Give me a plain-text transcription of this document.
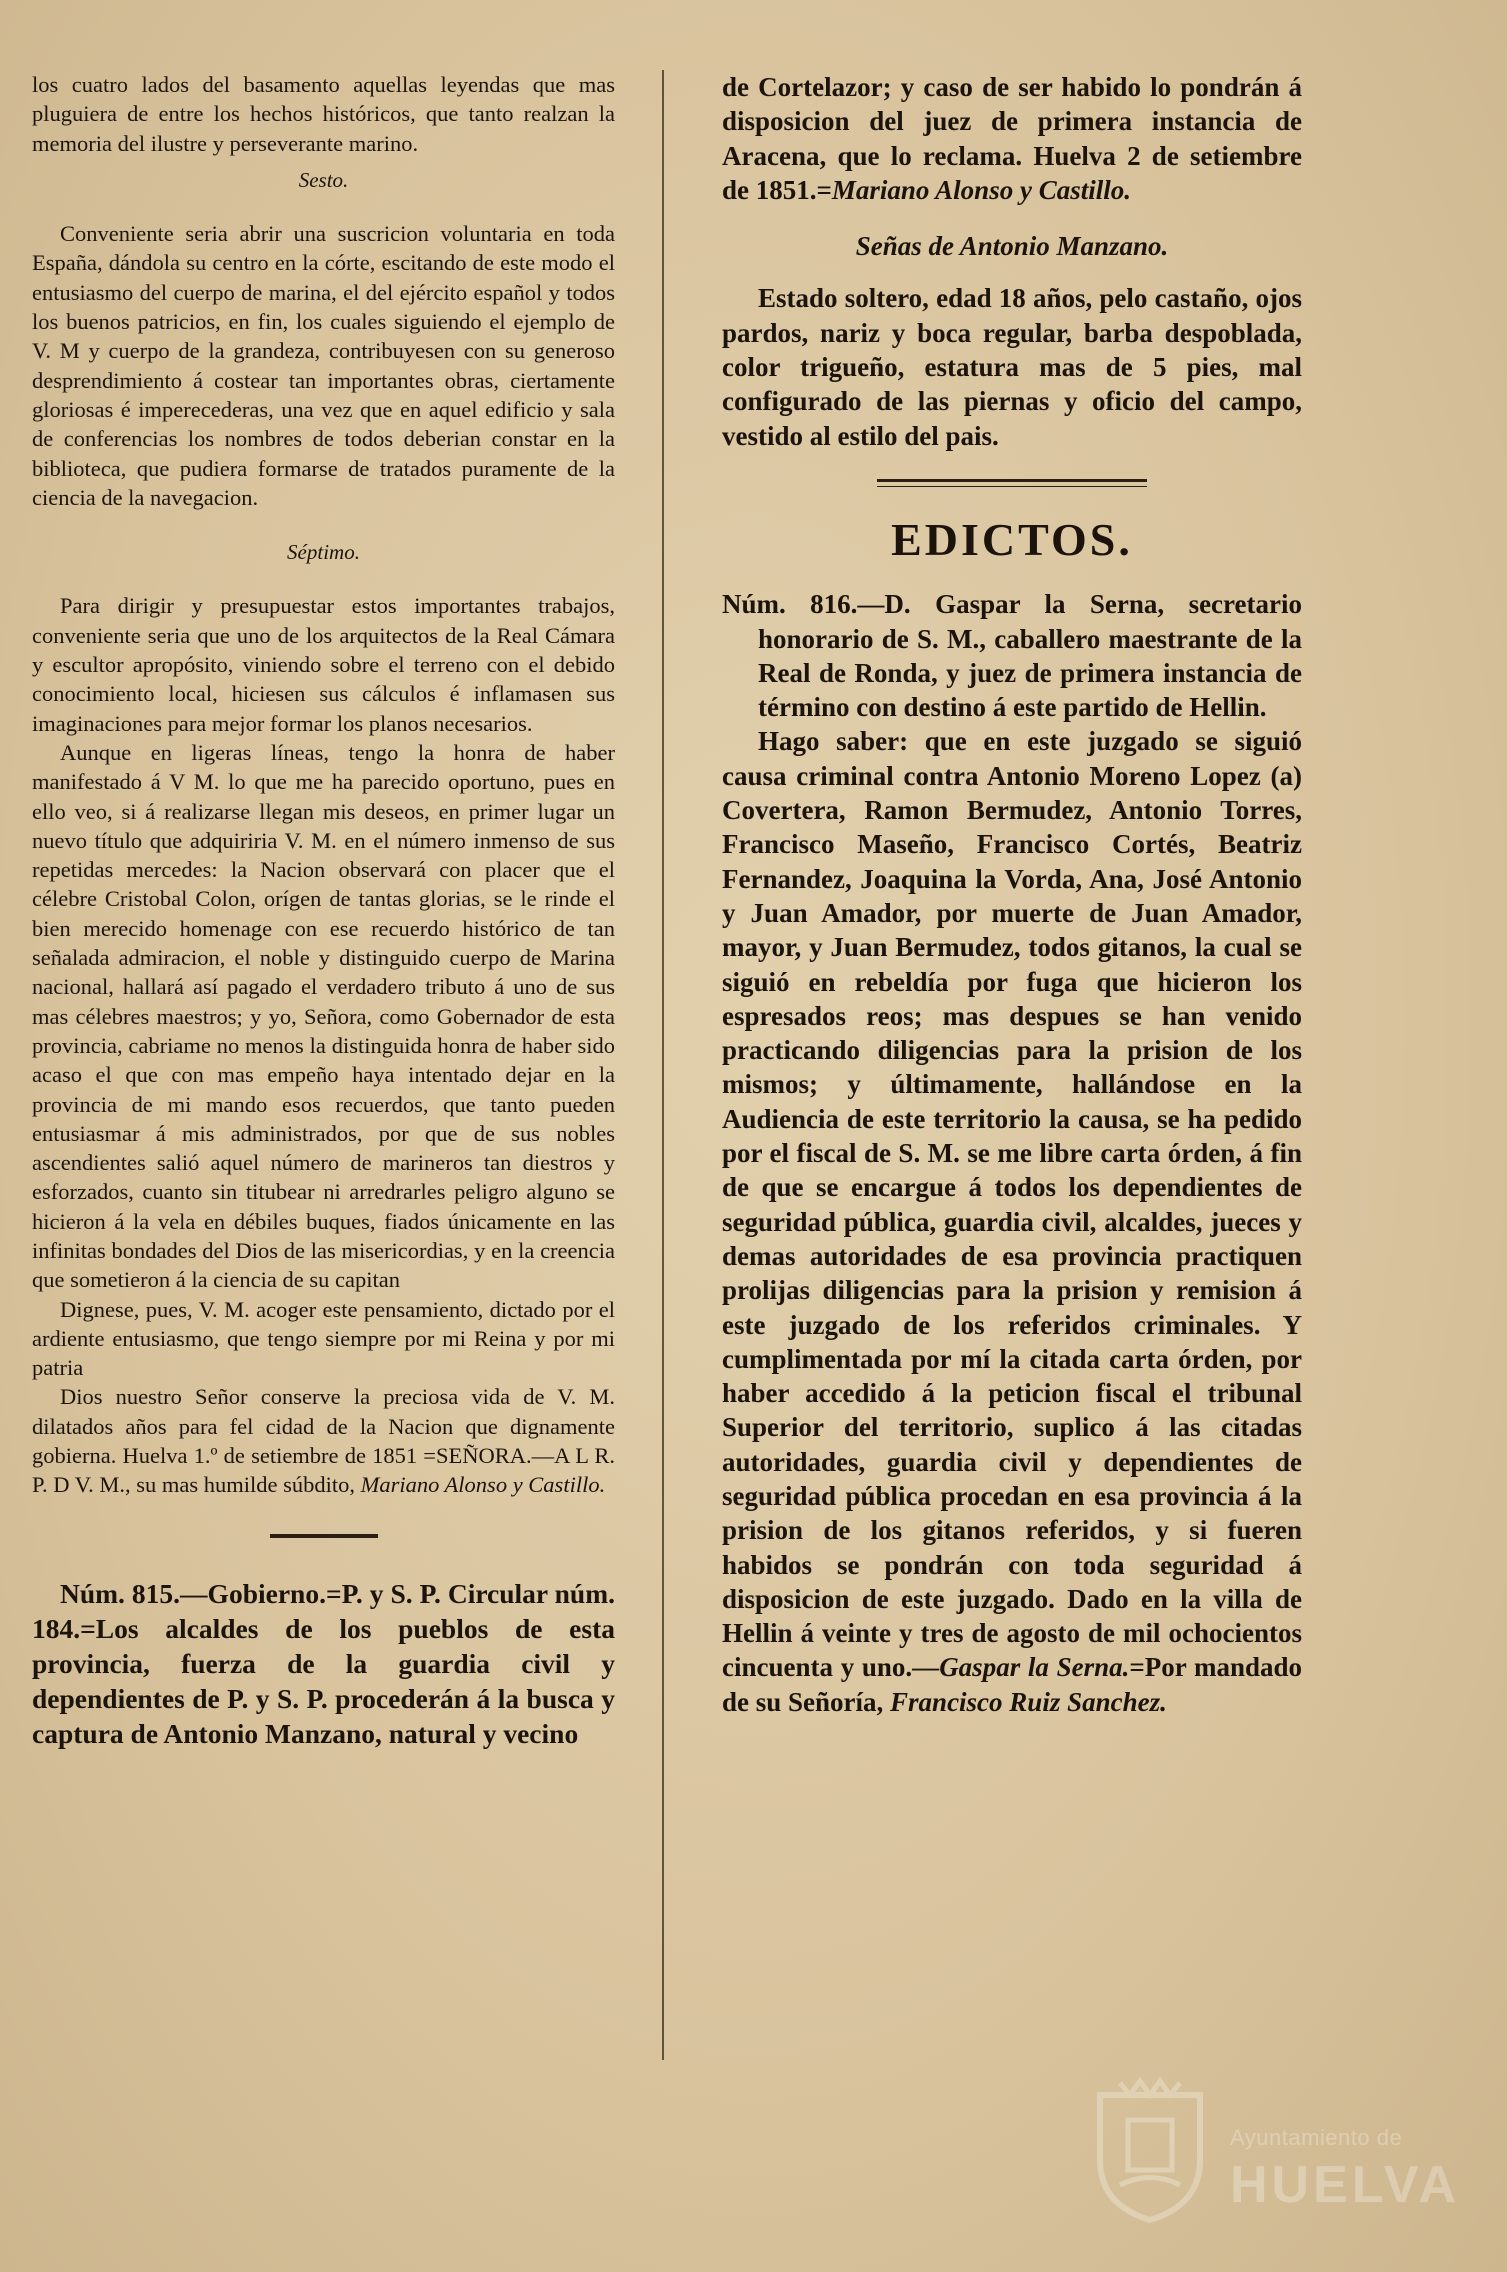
los cuatro lados del basamento aquellas leyendas que mas pluguiera de entre los hechos históricos, que tanto realzan la memoria del ilustre y perseverante marino.

Sesto.

Conveniente seria abrir una suscricion voluntaria en toda España, dándola su centro en la córte, escitando de este modo el entusiasmo del cuerpo de marina, el del ejército español y todos los buenos patricios, en fin, los cuales siguiendo el ejemplo de V. M y cuerpo de la grandeza, contribuyesen con su generoso desprendimiento á costear tan importantes obras, ciertamente gloriosas é imperecederas, una vez que en aquel edificio y sala de conferencias los nombres de todos deberian constar en la biblioteca, que pudiera formarse de tratados puramente de la ciencia de la navegacion.

Séptimo.

Para dirigir y presupuestar estos importantes trabajos, conveniente seria que uno de los arquitectos de la Real Cámara y escultor apropósito, viniendo sobre el terreno con el debido conocimiento local, hiciesen sus cálculos é inflamasen sus imaginaciones para mejor formar los planos necesarios.

Aunque en ligeras líneas, tengo la honra de haber manifestado á V M. lo que me ha parecido oportuno, pues en ello veo, si á realizarse llegan mis deseos, en primer lugar un nuevo título que adquiriria V. M. en el número inmenso de sus repetidas mercedes: la Nacion observará con placer que el célebre Cristobal Colon, orígen de tantas glorias, se le rinde el bien merecido homenage con ese recuerdo histórico de tan señalada admiracion, el noble y distinguido cuerpo de Marina nacional, hallará así pagado el verdadero tributo á uno de sus mas célebres maestros; y yo, Señora, como Gobernador de esta provincia, cabriame no menos la distinguida honra de haber sido acaso el que con mas empeño haya intentado dejar en la provincia de mi mando esos recuerdos, que tanto pueden entusiasmar á mis administrados, por que de sus nobles ascendientes salió aquel número de marineros tan diestros y esforzados, cuanto sin titubear ni arredrarles peligro alguno se hicieron á la vela en débiles buques, fiados únicamente en las infinitas bondades del Dios de las misericordias, y en la creencia que sometieron á la ciencia de su capitan

Dignese, pues, V. M. acoger este pensamiento, dictado por el ardiente entusiasmo, que tengo siempre por mi Reina y por mi patria

Dios nuestro Señor conserve la preciosa vida de V. M. dilatados años para fel cidad de la Nacion que dignamente gobierna. Huelva 1.º de setiembre de 1851 =SEÑORA.—A L R. P. D V. M., su mas humilde súbdito, Mariano Alonso y Castillo.

Núm. 815.—Gobierno.=P. y S. P. Circular núm. 184.=Los alcaldes de los pueblos de esta provincia, fuerza de la guardia civil y dependientes de P. y S. P. procederán á la busca y captura de Antonio Manzano, natural y vecino

de Cortelazor; y caso de ser habido lo pondrán á disposicion del juez de primera instancia de Aracena, que lo reclama. Huelva 2 de setiembre de 1851.=Mariano Alonso y Castillo.

Señas de Antonio Manzano.

Estado soltero, edad 18 años, pelo castaño, ojos pardos, nariz y boca regular, barba despoblada, color trigueño, estatura mas de 5 pies, mal configurado de las piernas y oficio del campo, vestido al estilo del pais.

EDICTOS.

Núm. 816.—D. Gaspar la Serna, secretario honorario de S. M., caballero maestrante de la Real de Ronda, y juez de primera instancia de término con destino á este partido de Hellin.

Hago saber: que en este juzgado se siguió causa criminal contra Antonio Moreno Lopez (a) Covertera, Ramon Bermudez, Antonio Torres, Francisco Maseño, Francisco Cortés, Beatriz Fernandez, Joaquina la Vorda, Ana, José Antonio y Juan Amador, por muerte de Juan Amador, mayor, y Juan Bermudez, todos gitanos, la cual se siguió en rebeldía por fuga que hicieron los espresados reos; mas despues se han venido practicando diligencias para la prision de los mismos; y últimamente, hallándose en la Audiencia de este territorio la causa, se ha pedido por el fiscal de S. M. se me libre carta órden, á fin de que se encargue á todos los dependientes de seguridad pública, guardia civil, alcaldes, jueces y demas autoridades de esa provincia practiquen prolijas diligencias para la prision y remision á este juzgado de los referidos criminales. Y cumplimentada por mí la citada carta órden, por haber accedido á la peticion fiscal el tribunal Superior del territorio, suplico á las citadas autoridades, guardia civil y dependientes de seguridad pública procedan en esa provincia á la prision de los gitanos referidos, y si fueren habidos se pondrán con toda seguridad á disposicion de este juzgado. Dado en la villa de Hellin á veinte y tres de agosto de mil ochocientos cincuenta y uno.—Gaspar la Serna.=Por mandado de su Señoría, Francisco Ruiz Sanchez.

Ayuntamiento de
HUELVA
